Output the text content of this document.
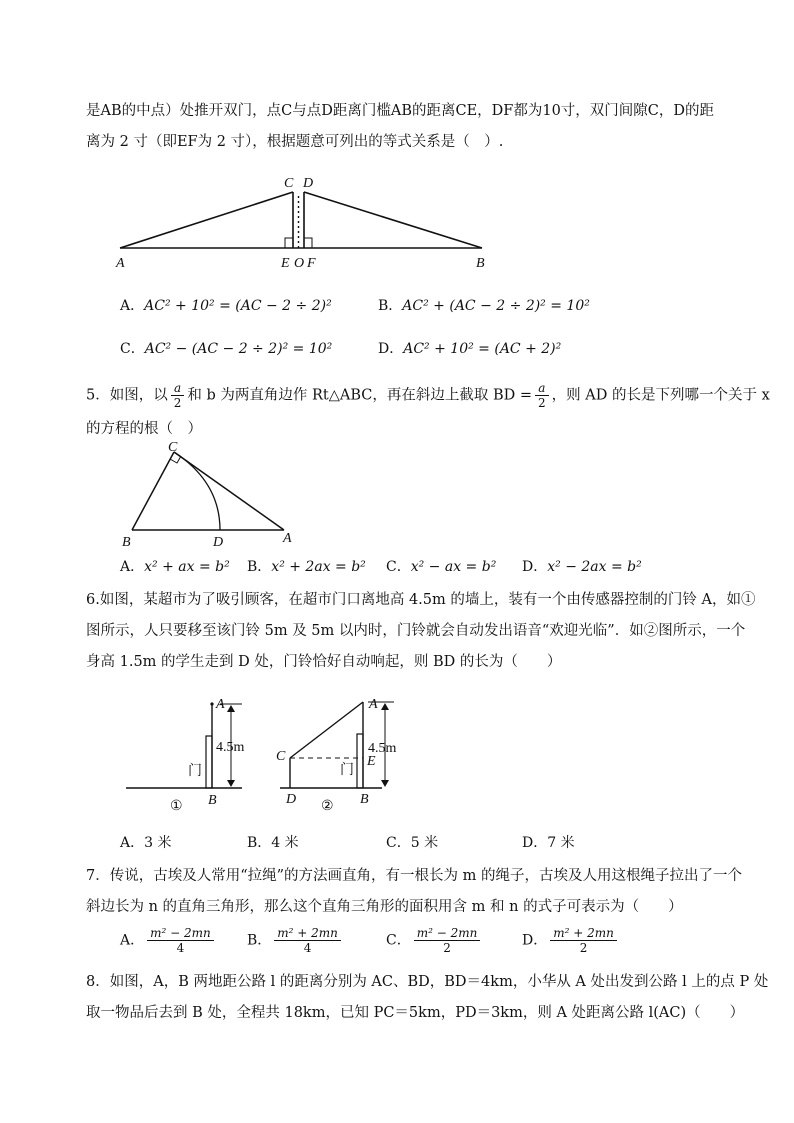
是AB的中点）处推开双门，点C与点D距离门槛AB的距离CE，DF都为10寸，双门间隙C，D的距
离为 2 寸（即EF为 2 寸），根据题意可列出的等式关系是（　）.
C D
A	B
E O F
A．AC² + 10² = (AC − 2 ÷ 2)²	B．AC² + (AC − 2 ÷ 2)² = 10²
C．AC² − (AC − 2 ÷ 2)² = 10²	D．AC² + 10² = (AC + 2)²
5．如图，以 $\frac{a}{2}$ 和 b 为两直角边作 Rt△ABC，再在斜边上截取 BD = $\frac{a}{2}$ ，则 AD 的长是下列哪一个关于 x
的方程的根（　）
C
B	D	A
A．x² + ax = b² B．x² + 2ax = b² C．x² − ax = b² D．x² − 2ax = b²
6.如图，某超市为了吸引顾客，在超市门口离地高 4.5m 的墙上，装有一个由传感器控制的门铃 A，如①
图所示，人只要移至该门铃 5m 及 5m 以内时，门铃就会自动发出语音“欢迎光临”．如②图所示，一个
身高 1.5m 的学生走到 D 处，门铃恰好自动响起，则 BD 的长为（　　）
A
4.5m
门
B
①
A
C	E
4.5m
门
D	B
②
A．3 米	B．4 米	C．5 米	D．7 米
7．传说，古埃及人常用“拉绳”的方法画直角，有一根长为 m 的绳子，古埃及人用这根绳子拉出了一个
斜边长为 n 的直角三角形，那么这个直角三角形的面积用含 m 和 n 的式子可表示为（　　）
A． $\frac{\text{m² − 2mn}}{4}$ B． $\frac{\text{m² + 2mn}}{4}$	C． $\frac{\text{m² − 2mn}}{2}$	D． $\frac{\text{m² + 2mn}}{2}$
8．如图，A，B 两地距公路 l 的距离分别为 AC、BD，BD＝4km，小华从 A 处出发到公路 l 上的点 P 处
取一物品后去到 B 处，全程共 18km，已知 PC＝5km，PD＝3km，则 A 处距离公路 l(AC)（　　）
